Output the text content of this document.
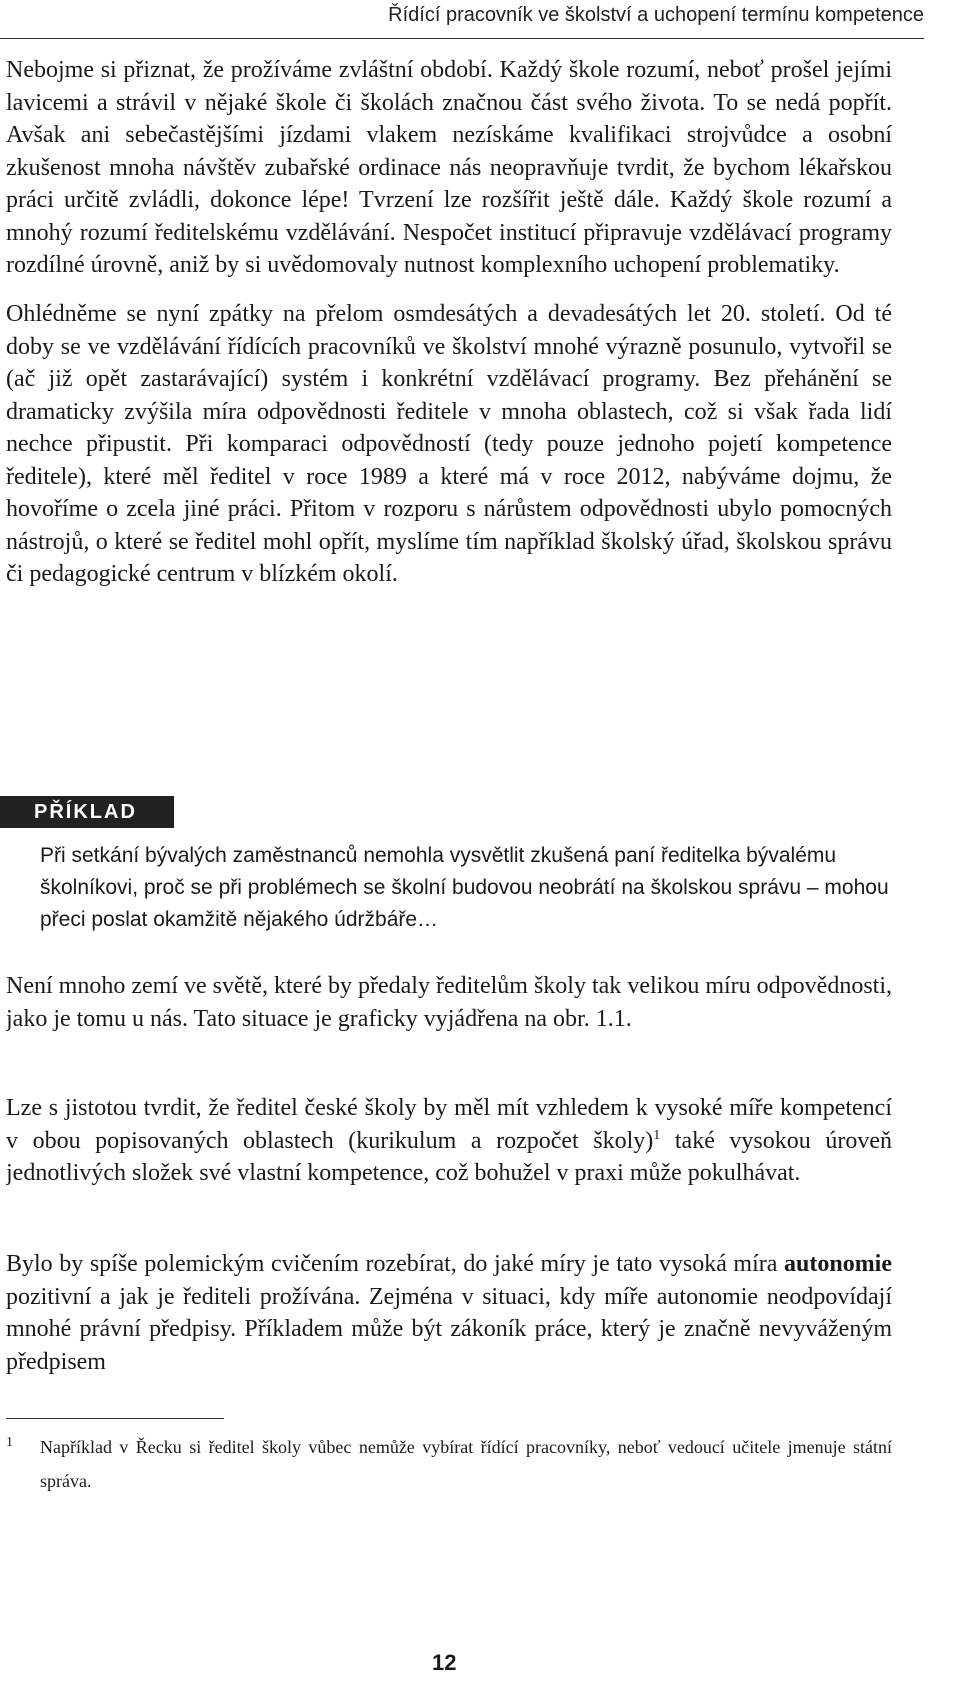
Řídící pracovník ve školství a uchopení termínu kompetence

Nebojme si přiznat, že prožíváme zvláštní období. Každý škole rozumí, neboť prošel jejími lavicemi a strávil v nějaké škole či školách značnou část svého života. To se nedá popřít. Avšak ani sebečastějšími jízdami vlakem nezískáme kvalifikaci strojvůdce a osobní zkušenost mnoha návštěv zubařské ordinace nás neopravňuje tvrdit, že bychom lékařskou práci určitě zvládli, dokonce lépe! Tvrzení lze rozšířit ještě dále. Každý škole rozumí a mnohý rozumí ředitelskému vzdělávání. Nespočet institucí připravuje vzdělávací programy rozdílné úrovně, aniž by si uvědomovaly nutnost komplexního uchopení problematiky.

PŘÍKLAD

Při setkání bývalých zaměstnanců nemohla vysvětlit zkušená paní ředitelka bývalému školníkovi, proč se při problémech se školní budovou neobrátí na školskou správu – mohou přeci poslat okamžitě nějakého údržbáře…

Není mnoho zemí ve světě, které by předaly ředitelům školy tak velikou míru odpovědnosti, jako je tomu u nás. Tato situace je graficky vyjádřena na obr. 1.1.

Lze s jistotou tvrdit, že ředitel české školy by měl mít vzhledem k vysoké míře kompetencí v obou popisovaných oblastech (kurikulum a rozpočet školy)$^1$ také vysokou úroveň jednotlivých složek své vlastní kompetence, což bohužel v praxi může pokulhávat.

Bylo by spíše polemickým cvičením rozebírat, do jaké míry je tato vysoká míra autonomie pozitivní a jak je řediteli prožívána. Zejména v situaci, kdy míře autonomie neodpovídají mnohé právní předpisy. Příkladem může být zákoník práce, který je značně nevyváženým předpisem

1	Například v Řecku si ředitel školy vůbec nemůže vybírat řídící pracovníky, neboť vedoucí učitele jmenuje státní správa.

12

Ohlédněme se nyní zpátky na přelom osmdesátých a devadesátých let 20. století. Od té doby se ve vzdělávání řídících pracovníků ve školství mnohé výrazně posunulo, vytvořil se (ač již opět zastarávající) systém i konkrétní vzdělávací programy. Bez přehánění se dramaticky zvýšila míra odpovědnosti ředitele v mnoha oblastech, což si však řada lidí nechce připustit. Při komparaci odpovědností (tedy pouze jednoho pojetí kompetence ředitele), které měl ředitel v roce 1989 a které má v roce 2012, nabýváme dojmu, že hovoříme o zcela jiné práci. Přitom v rozporu s nárůstem odpovědnosti ubylo pomocných nástrojů, o které se ředitel mohl opřít, myslíme tím například školský úřad, školskou správu či pedagogické centrum v blízkém okolí.
